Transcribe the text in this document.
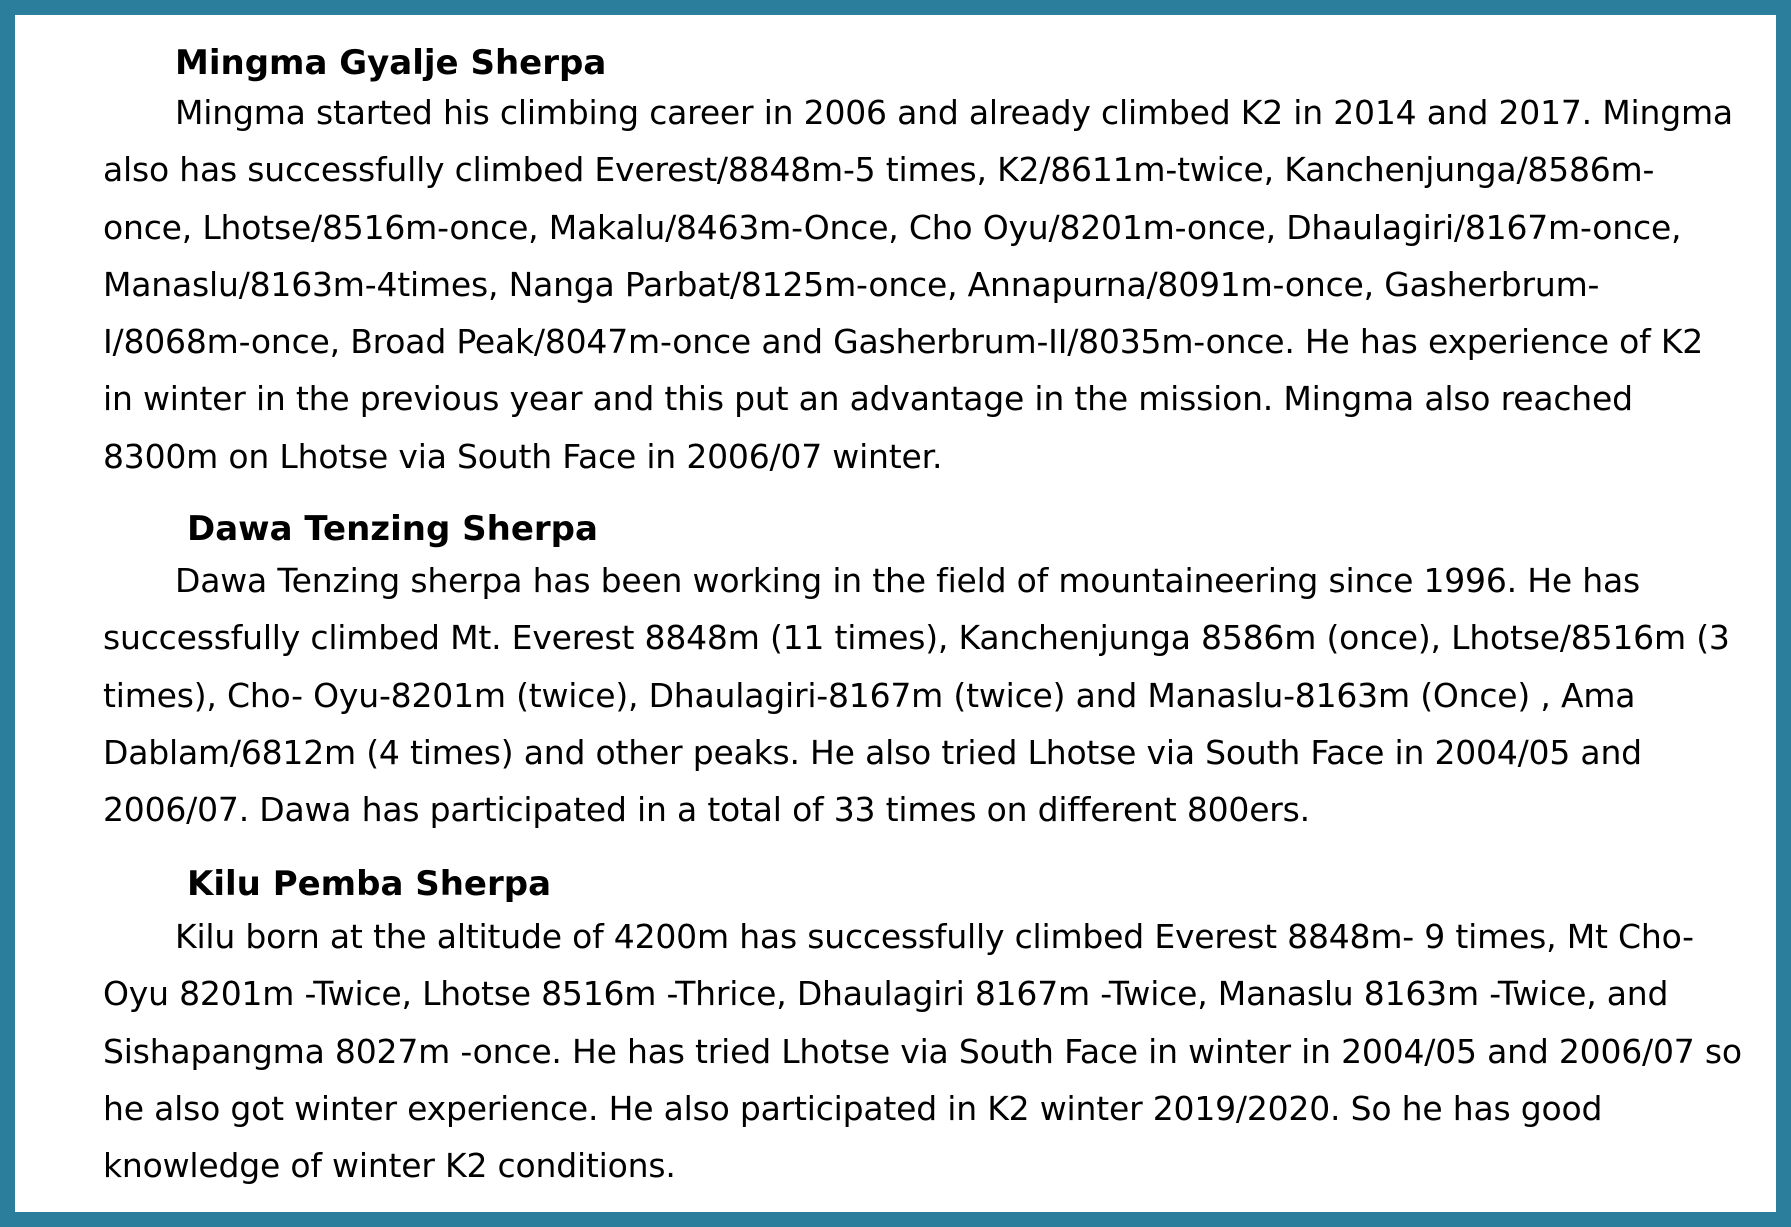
Mingma Gyalje Sherpa

Mingma started his climbing career in 2006 and already climbed K2 in 2014 and 2017. Mingma also has successfully climbed Everest/8848m-5 times, K2/8611m-twice, Kanchenjunga/8586m-once, Lhotse/8516m-once, Makalu/8463m-Once, Cho Oyu/8201m-once, Dhaulagiri/8167m-once, Manaslu/8163m-4times, Nanga Parbat/8125m-once, Annapurna/8091m-once, Gasherbrum-I/8068m-once, Broad Peak/8047m-once and Gasherbrum-II/8035m-once. He has experience of K2 in winter in the previous year and this put an advantage in the mission. Mingma also reached 8300m on Lhotse via South Face in 2006/07 winter.

Dawa Tenzing Sherpa

Dawa Tenzing sherpa has been working in the field of mountaineering since 1996. He has successfully climbed Mt. Everest 8848m (11 times), Kanchenjunga 8586m (once), Lhotse/8516m (3 times), Cho- Oyu-8201m (twice), Dhaulagiri-8167m (twice) and Manaslu-8163m (Once) , Ama Dablam/6812m (4 times) and other peaks. He also tried Lhotse via South Face in 2004/05 and 2006/07. Dawa has participated in a total of 33 times on different 800ers.

Kilu Pemba Sherpa

Kilu born at the altitude of 4200m has successfully climbed Everest 8848m- 9 times, Mt Cho-Oyu 8201m -Twice, Lhotse 8516m -Thrice, Dhaulagiri 8167m -Twice, Manaslu 8163m -Twice, and Sishapangma 8027m -once. He has tried Lhotse via South Face in winter in 2004/05 and 2006/07 so he also got winter experience. He also participated in K2 winter 2019/2020. So he has good knowledge of winter K2 conditions.
